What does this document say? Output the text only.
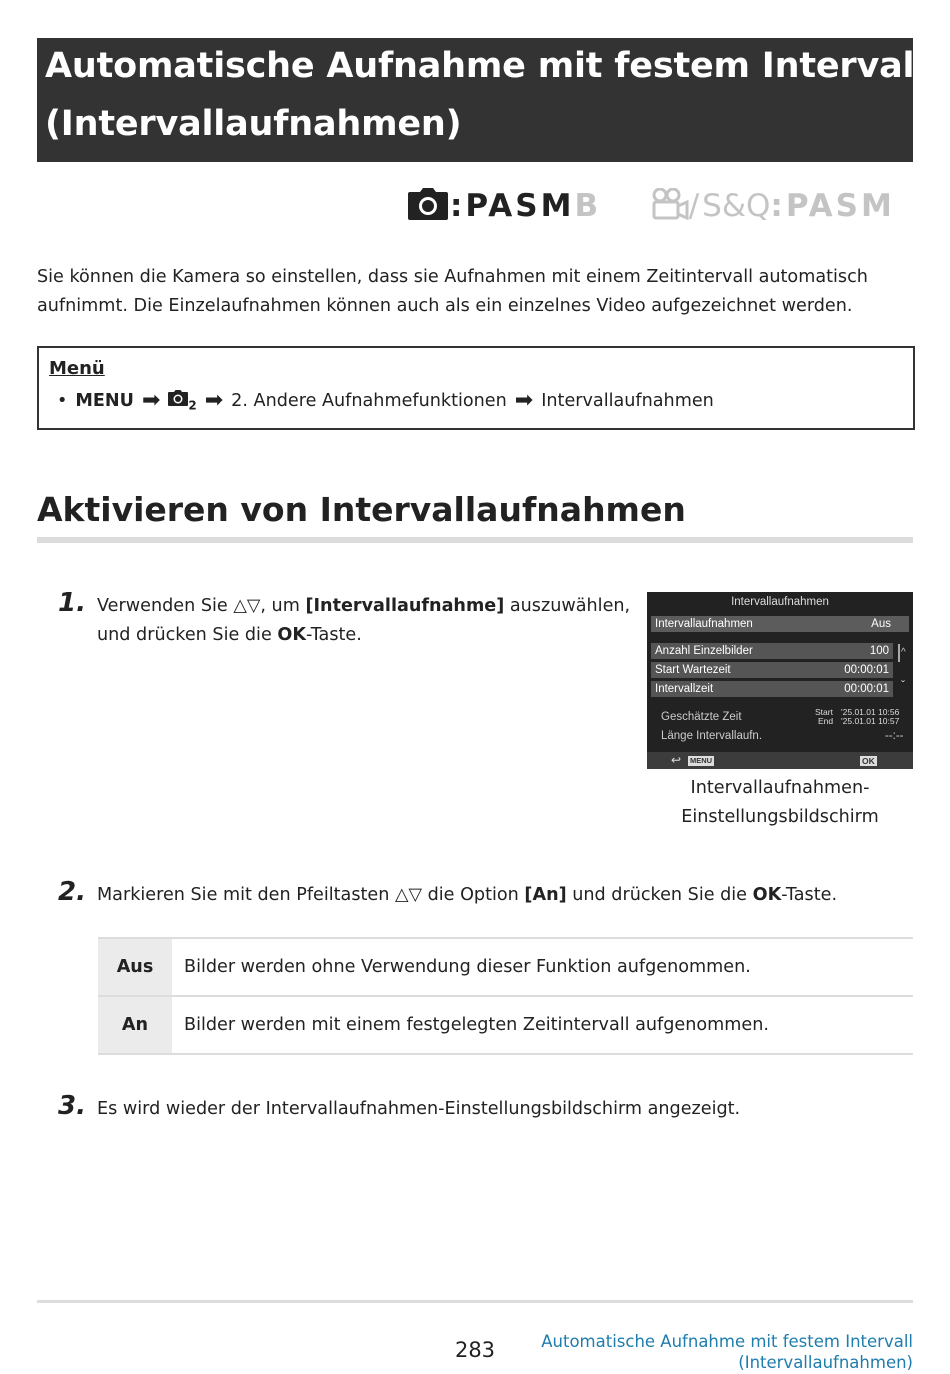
Automatische Aufnahme mit festem Intervall
(Intervallaufnahmen)
:PASMB	/S&Q:PASM
Sie können die Kamera so einstellen, dass sie Aufnahmen mit einem Zeitintervall automatisch
aufnimmt. Die Einzelaufnahmen können auch als ein einzelnes Video aufgezeichnet werden.
Menü
• MENU ➡	$_2$ ➡ 2. Andere Aufnahmefunktionen ➡ Intervallaufnahmen
Aktivieren von Intervallaufnahmen
1. Verwenden Sie △▽, um [Intervallaufnahme] auszuwählen,
und drücken Sie die OK-Taste.
Intervallaufnahmen
Intervallaufnahmen	Aus
Anzahl Einzelbilder	100
Start Wartezeit	00:00:01
Intervallzeit	00:00:01
^
ˇ
Geschätzte Zeit	Start '25.01.01 10:56
End '25.01.01 10:57
Länge Intervallaufn.	--:--
↩ MENU	OK
Intervallaufnahmen-
Einstellungsbildschirm
2. Markieren Sie mit den Pfeiltasten △▽ die Option [An] und drücken Sie die OK-Taste.
Aus	Bilder werden ohne Verwendung dieser Funktion aufgenommen.
An	Bilder werden mit einem festgelegten Zeitintervall aufgenommen.
3. Es wird wieder der Intervallaufnahmen-Einstellungsbildschirm angezeigt.
283	Automatische Aufnahme mit festem Intervall
(Intervallaufnahmen)
